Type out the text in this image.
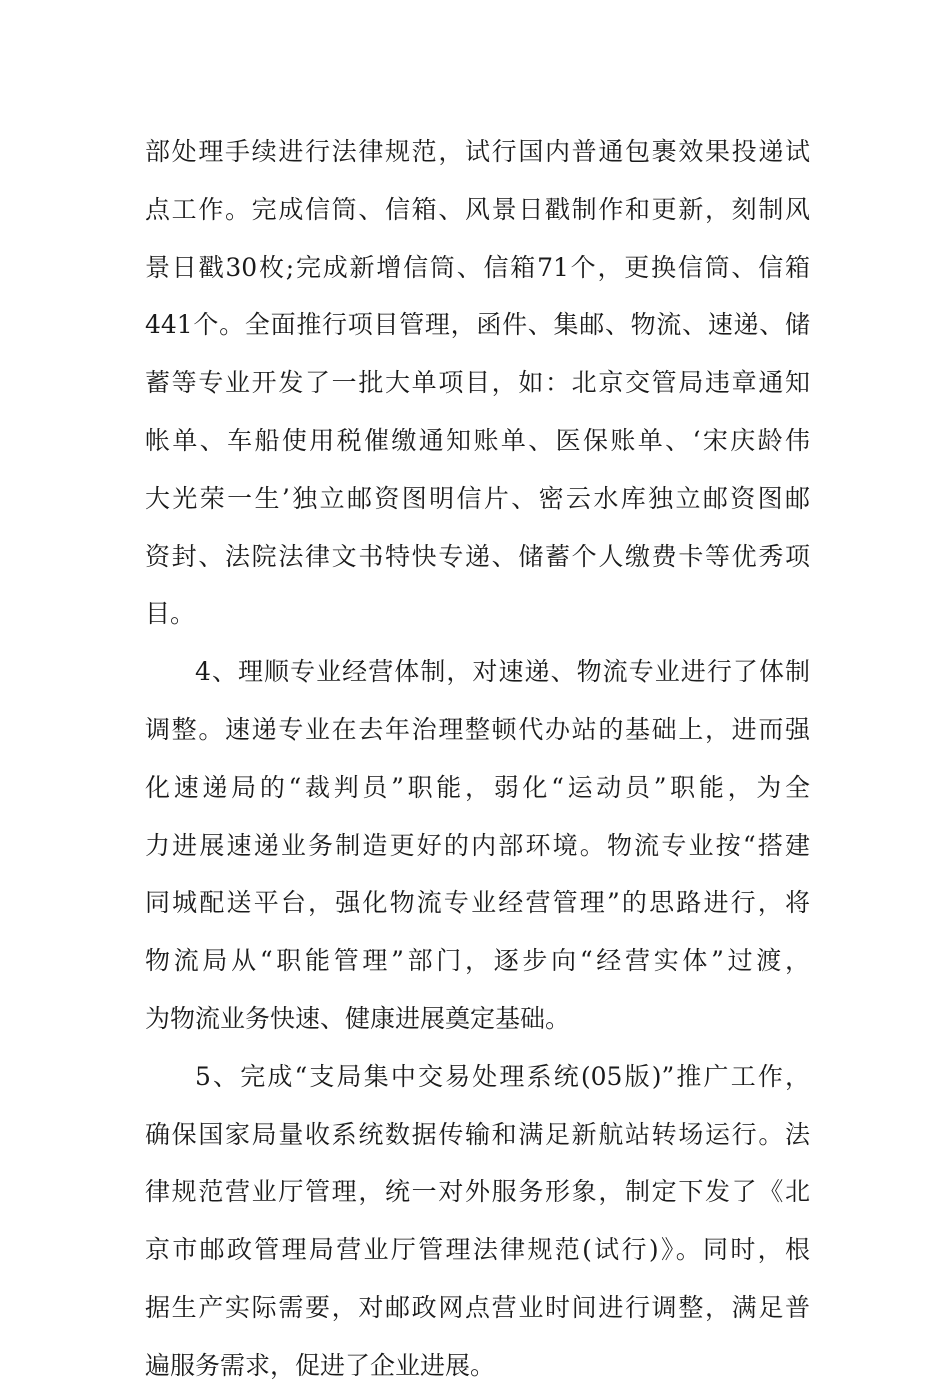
部处理手续进行法律规范，试行国内普通包裹效果投递试
点工作。完成信筒、信箱、风景日戳制作和更新，刻制风
景日戳30枚;完成新增信筒、信箱71个，更换信筒、信箱
441个。全面推行项目管理，函件、集邮、物流、速递、储
蓄等专业开发了一批大单项目，如：北京交管局违章通知
帐单、车船使用税催缴通知账单、医保账单、‘宋庆龄伟
大光荣一生’独立邮资图明信片、密云水库独立邮资图邮
资封、法院法律文书特快专递、储蓄个人缴费卡等优秀项
目。
4、理顺专业经营体制，对速递、物流专业进行了体制
调整。速递专业在去年治理整顿代办站的基础上，进而强
化速递局的“裁判员”职能，弱化“运动员”职能，为全
力进展速递业务制造更好的内部环境。物流专业按“搭建
同城配送平台，强化物流专业经营管理”的思路进行，将
物流局从“职能管理”部门，逐步向“经营实体”过渡，
为物流业务快速、健康进展奠定基础。
5、完成“支局集中交易处理系统(05版)”推广工作，
确保国家局量收系统数据传输和满足新航站转场运行。法
律规范营业厅管理，统一对外服务形象，制定下发了《北
京市邮政管理局营业厅管理法律规范(试行)》。同时，根
据生产实际需要，对邮政网点营业时间进行调整，满足普
遍服务需求，促进了企业进展。
